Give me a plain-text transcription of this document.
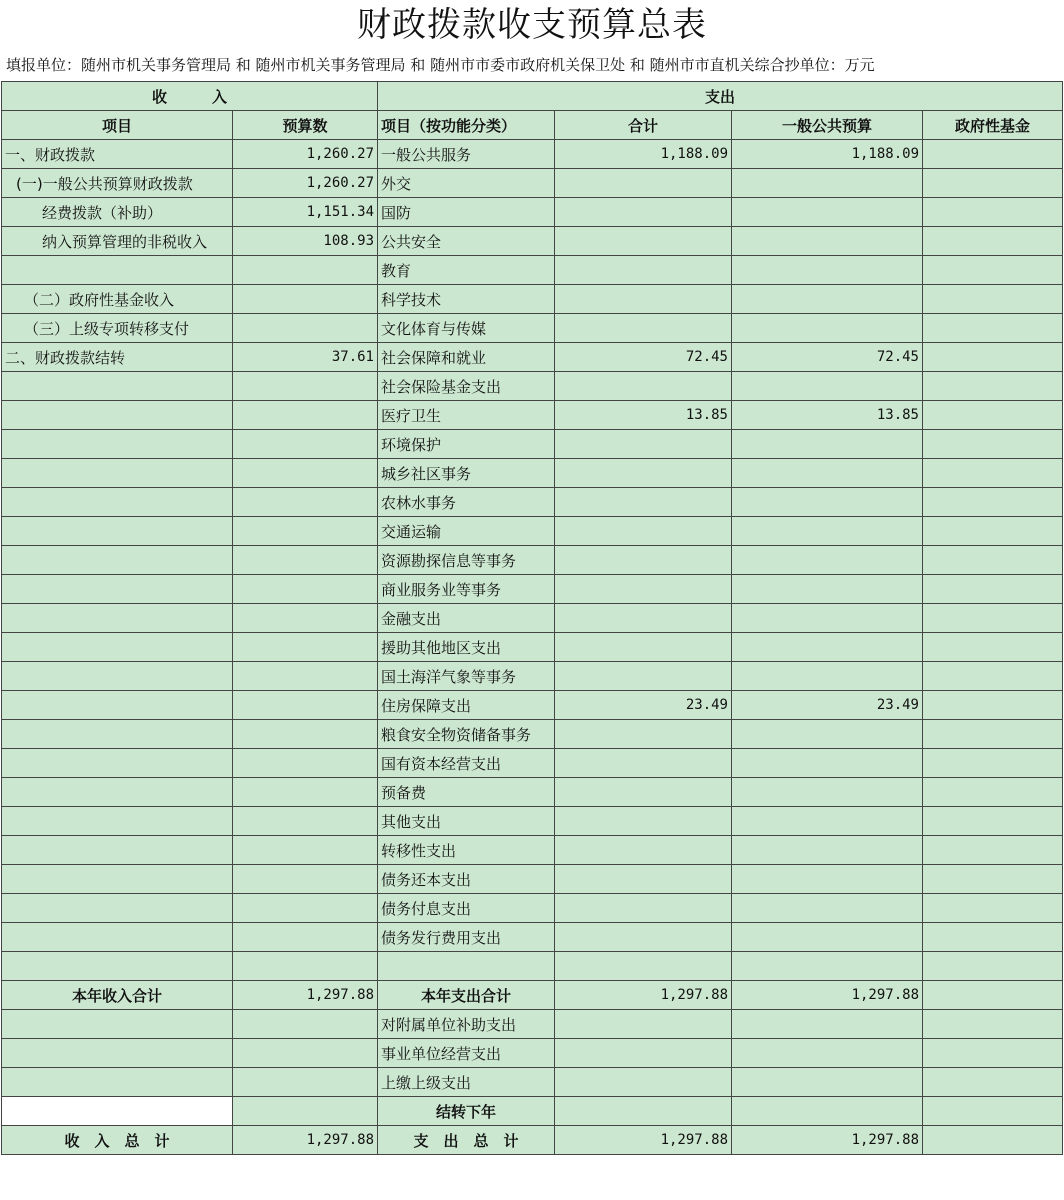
财政拨款收支预算总表
填报单位：随州市机关事务管理局 和 随州市机关事务管理局 和 随州市市委市政府机关保卫处 和 随州市市直机关综合抄单位：万元
收　　　入		支出			
项目	预算数	项目（按功能分类）	合计	一般公共预算	政府性基金
一、财政拨款	1,260.27	一般公共服务	1,188.09	1,188.09	
(一)一般公共预算财政拨款	1,260.27	外交			
经费拨款（补助）	1,151.34	国防			
纳入预算管理的非税收入	108.93	公共安全			
		教育			
（二）政府性基金收入		科学技术			
（三）上级专项转移支付		文化体育与传媒			
二、财政拨款结转	37.61	社会保障和就业	72.45	72.45	
		社会保险基金支出			
		医疗卫生	13.85	13.85	
		环境保护			
		城乡社区事务			
		农林水事务			
		交通运输			
		资源勘探信息等事务			
		商业服务业等事务			
		金融支出			
		援助其他地区支出			
		国土海洋气象等事务			
		住房保障支出	23.49	23.49	
		粮食安全物资储备事务			
		国有资本经营支出			
		预备费			
		其他支出			
		转移性支出			
		债务还本支出			
		债务付息支出			
		债务发行费用支出			

本年收入合计	1,297.88	本年支出合计	1,297.88	1,297.88	
		对附属单位补助支出			
		事业单位经营支出			
		上缴上级支出			
		结转下年			
收　入　总　计	1,297.88	支　出　总　计	1,297.88	1,297.88	
